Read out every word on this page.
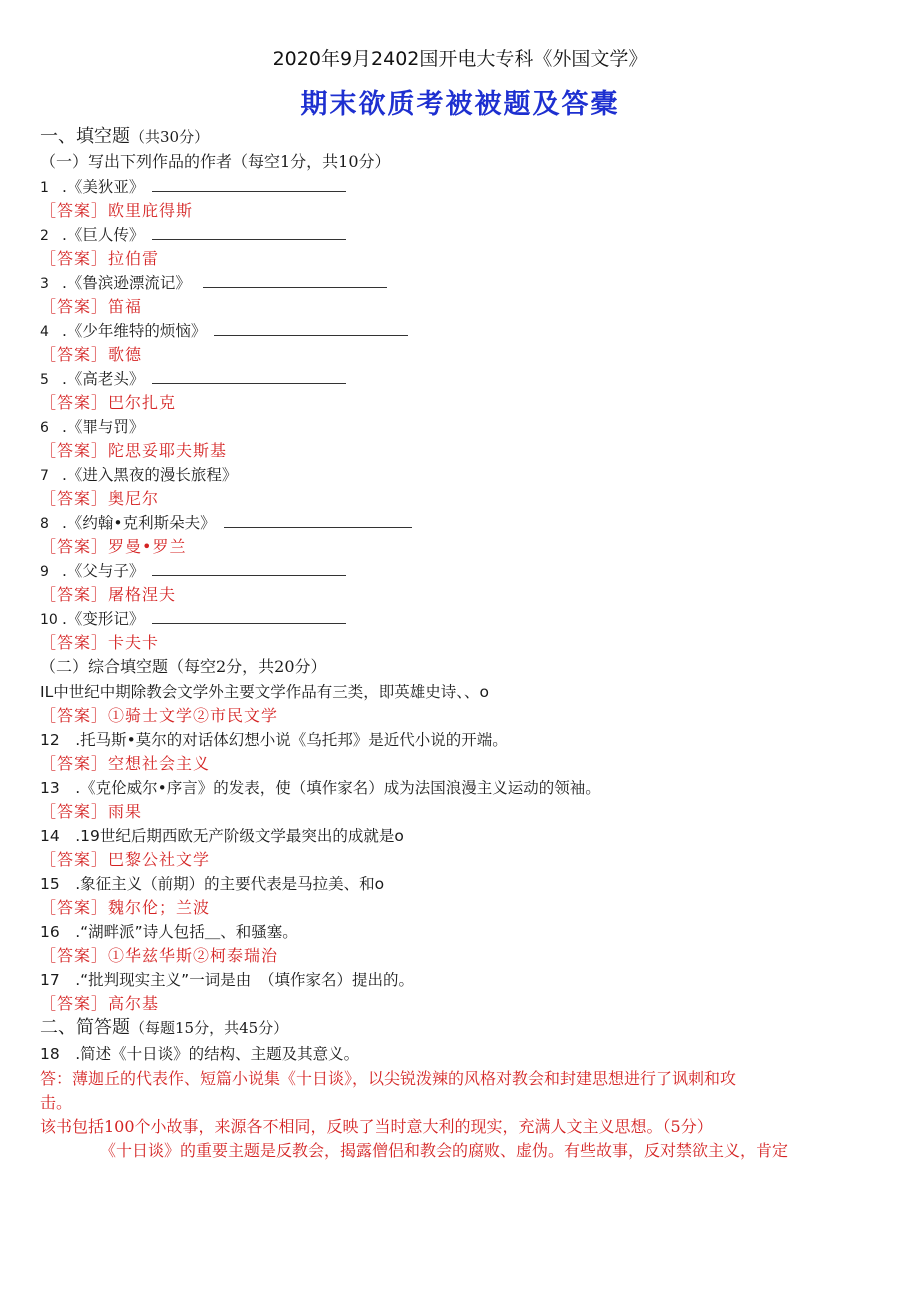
2020年9月2402国开电大专科《外国文学》
期末欲质考被被题及答橐
一、填空题（共30分）
（一）写出下列作品的作者（每空1分，共10分）
1 .《美狄亚》
［答案］欧里庇得斯
2 .《巨人传》
［答案］拉伯雷
3 .《鲁滨逊漂流记》
［答案］笛福
4 .《少年维特的烦恼》
［答案］歌德
5 .《高老头》
［答案］巴尔扎克
6 .《罪与罚》
［答案］陀思妥耶夫斯基
7 .《进入黑夜的漫长旅程》
［答案］奥尼尔
8 .《约翰•克利斯朵夫》
［答案］罗曼•罗兰
9 .《父与子》
［答案］屠格涅夫
10 .《变形记》
［答案］卡夫卡
（二）综合填空题（每空2分，共20分）
IL中世纪中期除教会文学外主要文学作品有三类，即英雄史诗、、o
［答案］①骑士文学②市民文学
12　.托马斯•莫尔的对话体幻想小说《乌托邦》是近代小说的开端。
［答案］空想社会主义
13　.《克伦威尔•序言》的发表，使（填作家名）成为法国浪漫主义运动的领袖。
［答案］雨果
14　.19世纪后期西欧无产阶级文学最突出的成就是o
［答案］巴黎公社文学
15　.象征主义（前期）的主要代表是马拉美、和o
［答案］魏尔伦；兰波
16　.“湖畔派”诗人包括＿、和骚塞。
［答案］①华兹华斯②柯泰瑞治
17　.“批判现实主义”一词是由　（填作家名）提出的。
［答案］高尔基
二、简答题（每题15分，共45分）
18　.简述《十日谈》的结构、主题及其意义。
答：薄迦丘的代表作、短篇小说集《十日谈》，以尖锐泼辣的风格对教会和封建思想进行了讽刺和攻
击。
该书包括100个小故事，来源各不相同，反映了当时意大利的现实，充满人文主义思想。（5分）
《十日谈》的重要主题是反教会，揭露僧侣和教会的腐败、虚伪。有些故事，反对禁欲主义，肯定
